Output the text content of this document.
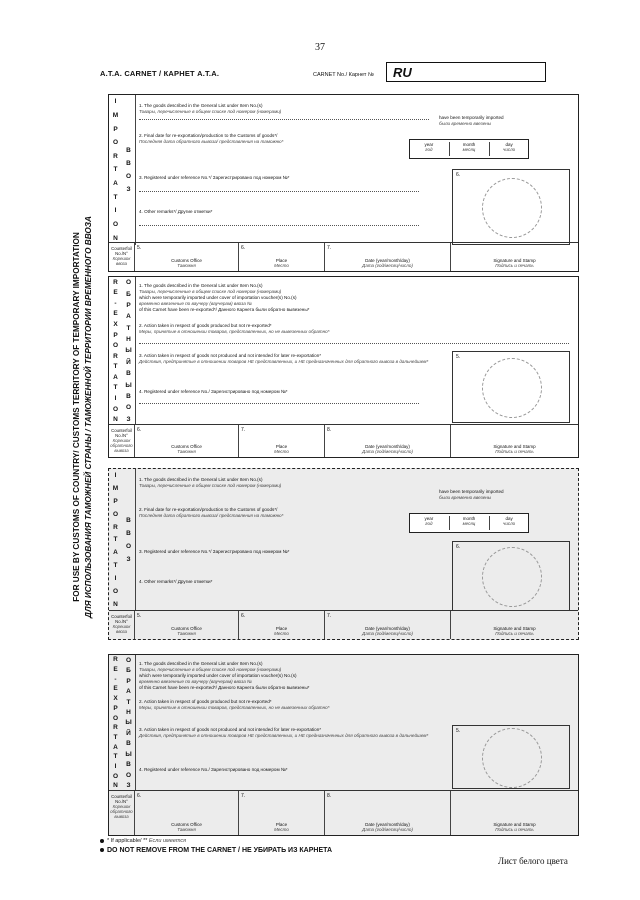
37
A.T.A. CARNET / КАРНЕТ А.Т.А.	CARNET No./ Карнет № RU
FOR USE BY CUSTOMS OF COUNTRY/ CUSTOMS TERRITORY OF TEMPORARY IMPORTATION ДЛЯ ИСПОЛЬЗОВАНИЯ ТАМОЖНЕЙ СТРАНЫ / ТАМОЖЕННОЙ ТЕРРИТОРИИ ВРЕМЕННОГО ВВОЗА
I
M
P
O
R
T
A
T
I
O
N
В
В
О
З
1. The goods described in the General List under Item No.(s)
Товары, перечисленные в общем списке под номером (номерами)
have been temporarily imported
были временно ввезены
2. Final date for re-exportation/production to the Customs of goods*/
Последняя дата обратного вывоза/ представления на таможню*
year
год
month
месяц
day
число
3. Registered under reference No.*/ Зарегистрировано под номером №*
4. Other remarks*/ Другие отметки*
6.
Counterfoil No./N°
Корешок ввоза
5.
Customs Office
Таможня
6.
Place
Место
7.
Date (year/month/day)
Дата (год/месяц/число)
Signature and Stamp
Подпись и печать
R
E
-
E
X
P
O
R
T
A
T
I
O
N
О
Б
Р
А
Т
Н
Ы
Й
В
Ы
В
О
З
1. The goods described in the General List under Item No.(s)
Товары, перечисленные в общем списке под номером (номерами)
which were temporarily imported under cover of importation voucher(s) No.(s)
временно ввезенные по ваучеру (ваучерам) ввоза №
of this Carnet have been re-exported*/ Данного Карнета были обратно вывезены*
2. Action taken in respect of goods produced but not re-exported*
Меры, принятые в отношении товаров, представленных, но не вывезенных обратно*
3. Action taken in respect of goods not produced and not intended for later re-exportation*
Действия, предпринятые в отношении товаров НЕ представленных, и НЕ предназначенных для обратного вывоза в дальнейшем*
4. Registered under reference No./ Зарегистрировано под номером №*
5.
Counterfoil No./N°
Корешок обратного вывоза
6.
Customs Office
Таможня
7.
Place
Место
8.
Date (year/month/day)
Дата (год/месяц/число)
Signature and Stamp
Подпись и печать
I
M
P
O
R
T
A
T
I
O
N
В
В
О
З
1. The goods described in the General List under Item No.(s)
Товары, перечисленные в общем списке под номером (номерами)
have been temporarily imported
были временно ввезены
2. Final date for re-exportation/production to the Customs of goods*/
Последняя дата обратного вывоза/ представления на таможню*
year
год
month
месяц
day
число
3. Registered under reference No.*/ Зарегистрировано под номером №*
4. Other remarks*/ Другие отметки*
6.
Counterfoil No./N°
Корешок ввоза
5.
Customs Office
Таможня
6.
Place
Место
7.
Date (year/month/day)
Дата (год/месяц/число)
Signature and Stamp
Подпись и печать
R
E
-
E
X
P
O
R
T
A
T
I
O
N
О
Б
Р
А
Т
Н
Ы
Й
В
Ы
В
О
З
1. The goods described in the General List under Item No.(s)
Товары, перечисленные в общем списке под номером (номерами)
which were temporarily imported under cover of importation voucher(s) No.(s)
временно ввезенные по ваучеру (ваучерам) ввоза №
of this Carnet have been re-exported*/ Данного Карнета были обратно вывезены*
2. Action taken in respect of goods produced but not re-exported*
Меры, принятые в отношении товаров, представленных, но не вывезенных обратно*
3. Action taken in respect of goods not produced and not intended for later re-exportation*
Действия, предпринятые в отношении товаров НЕ представленных, и НЕ предназначенных для обратного вывоза в дальнейшем*
4. Registered under reference No./ Зарегистрировано под номером №*
5.
Counterfoil No./N°
Корешок обратного вывоза
6.
Customs Office
Таможня
7.
Place
Место
8.
Date (year/month/day)
Дата (год/месяц/число)
Signature and Stamp
Подпись и печать
* If applicable/ ** Если имеется
DO NOT REMOVE FROM THE CARNET / НЕ УБИРАТЬ ИЗ КАРНЕТА
Лист белого цвета
